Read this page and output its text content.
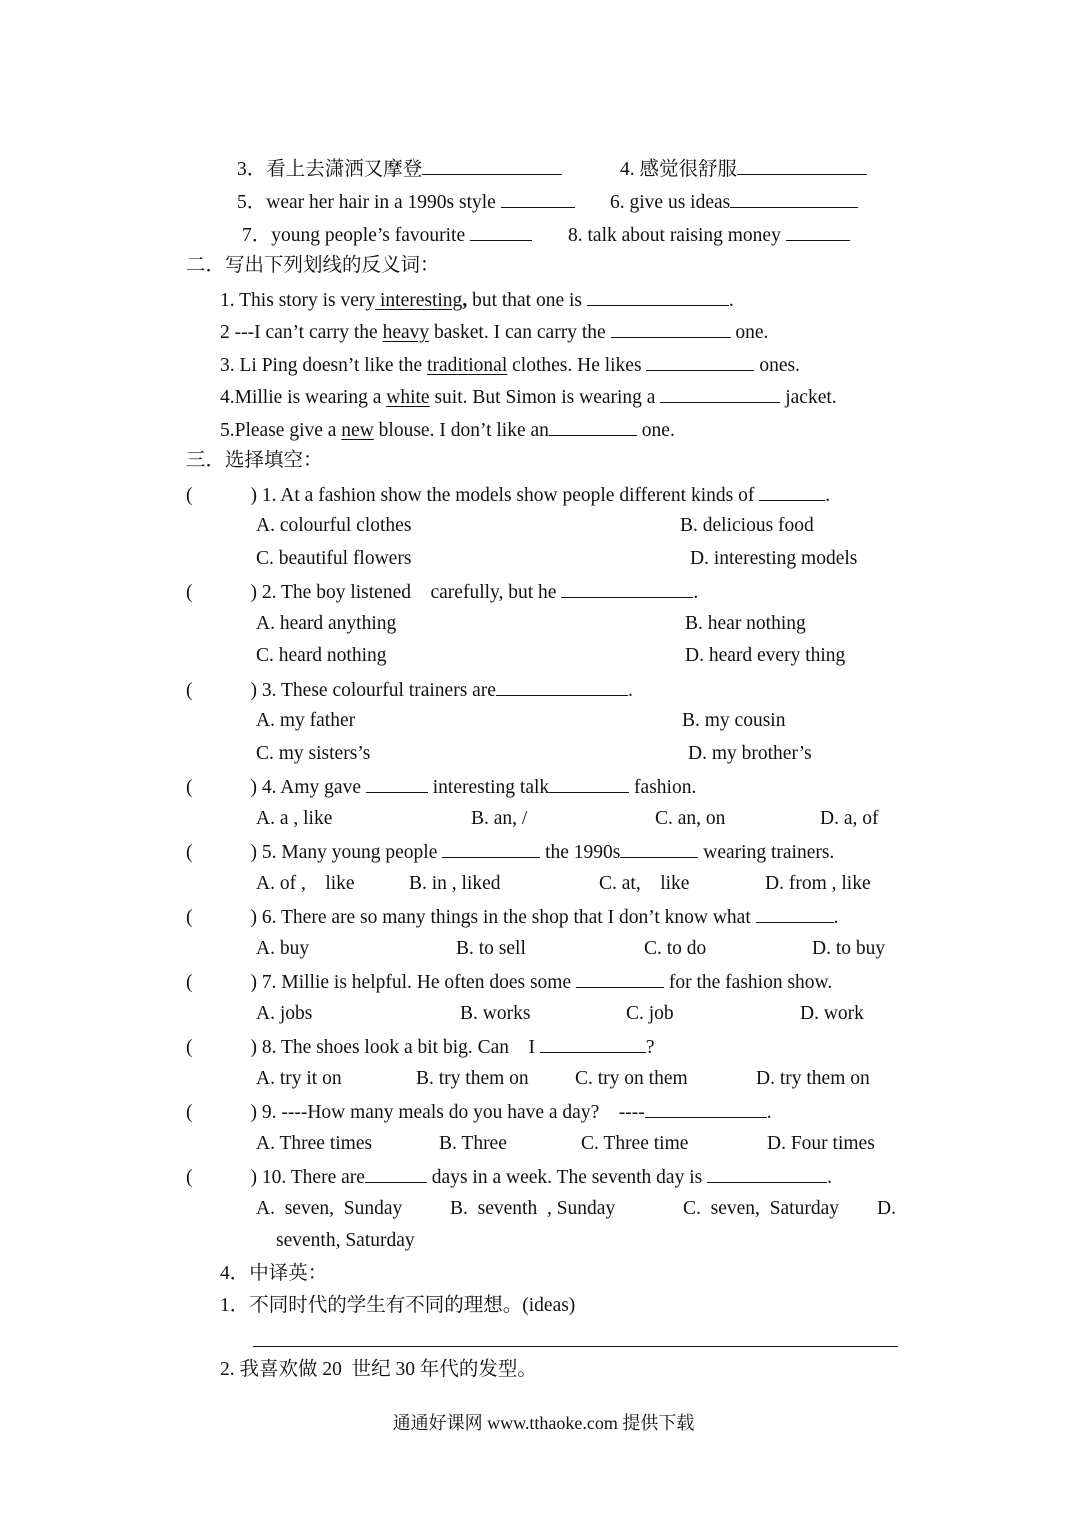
3．看上去潇洒又摩登	4. 感觉很舒服
5．wear her hair in a 1990s style	6. give us ideas
7．young people’s favourite	8. talk about raising money
二．写出下列划线的反义词：
1. This story is very interesting, but that one is	.
2 ---I can’t carry the heavy basket. I can carry the	one.
3. Li Ping doesn’t like the traditional clothes. He likes	ones.
4.Millie is wearing a white suit. But Simon is wearing a	jacket.
5.Please give a new blouse. I don’t like an	one.
三．选择填空：
(	) 1. At a fashion show the models show people different kinds of	.
A. colourful clothes	B. delicious food
C. beautiful flowers	D. interesting models
(	) 2. The boy listened    carefully, but he	.
A. heard anything	B. hear nothing
C. heard nothing	D. heard every thing
(	) 3. These colourful trainers are	.
A. my father	B. my cousin
C. my sisters’s	D. my brother’s
(	) 4. Amy gave	interesting talk	fashion.
A. a , like	B. an, /	C. an, on	D. a, of
(	) 5. Many young people	the 1990s	wearing trainers.
A. of ,    like	B. in , liked	C. at,    like	D. from , like
(	) 6. There are so many things in the shop that I don’t know what	.
A. buy	B. to sell	C. to do	D. to buy
(	) 7. Millie is helpful. He often does some	for the fashion show.
A. jobs	B. works	C. job	D. work
(	) 8. The shoes look a bit big. Can    I	?
A. try it on	B. try them on C. try on them	D. try them on
(	) 9. ----How many meals do you have a day?    ----	.
A. Three times	B. Three	C. Three time	D. Four times
(	) 10. There are	days in a week. The seventh day is	.
A.  seven,  Sunday B.  seventh  , Sunday	C.  seven,  Saturday D.
seventh, Saturday
4．中译英：
1．不同时代的学生有不同的理想。(ideas)
2. 我喜欢做 20  世纪 30 年代的发型。
通通好课网 www.tthaoke.com 提供下载
